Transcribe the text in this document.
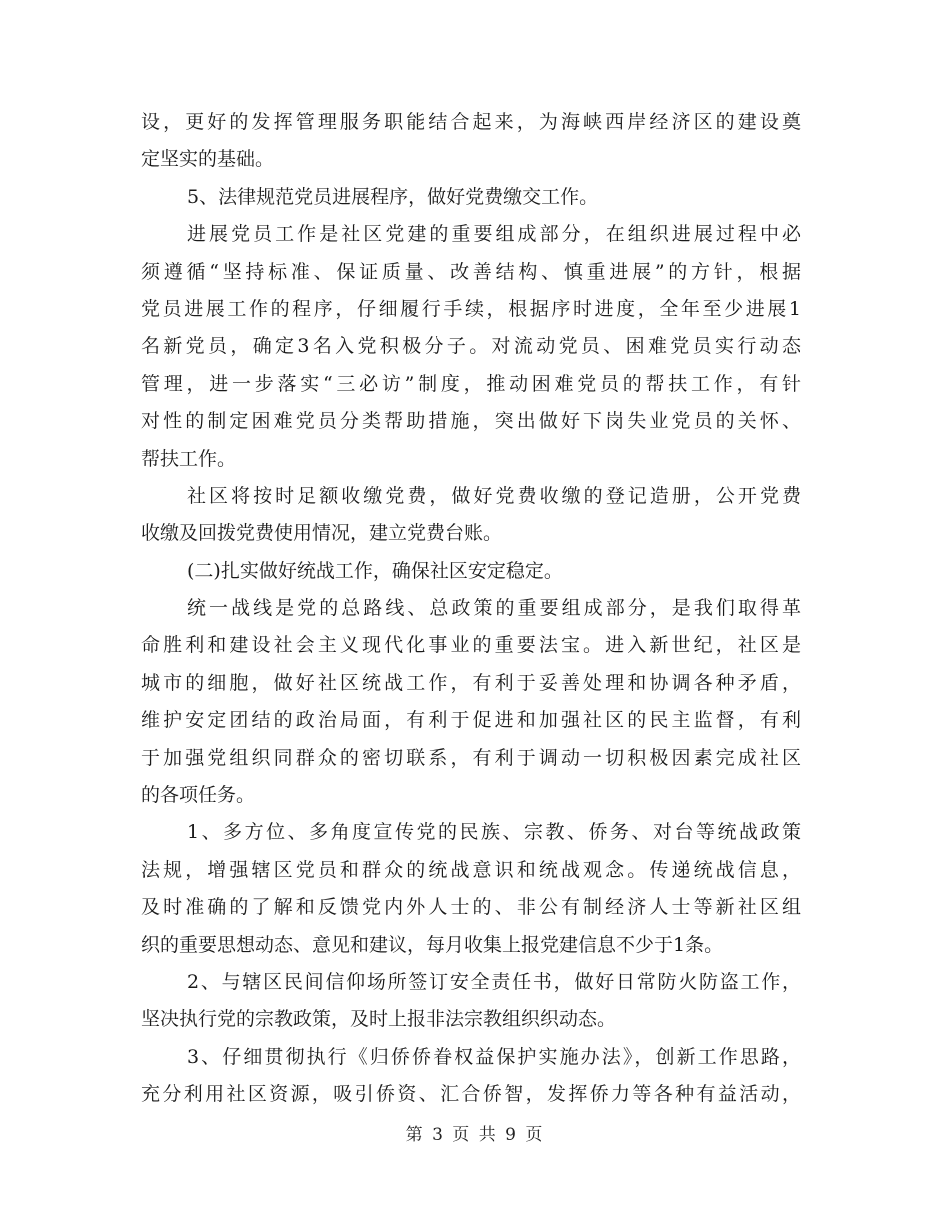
设，更好的发挥管理服务职能结合起来，为海峡西岸经济区的建设奠
定坚实的基础。
5、法律规范党员进展程序，做好党费缴交工作。
进展党员工作是社区党建的重要组成部分，在组织进展过程中必
须遵循“坚持标准、保证质量、改善结构、慎重进展”的方针，根据
党员进展工作的程序，仔细履行手续，根据序时进度，全年至少进展1
名新党员，确定3名入党积极分子。对流动党员、困难党员实行动态
管理，进一步落实“三必访”制度，推动困难党员的帮扶工作，有针
对性的制定困难党员分类帮助措施，突出做好下岗失业党员的关怀、
帮扶工作。
社区将按时足额收缴党费，做好党费收缴的登记造册，公开党费
收缴及回拨党费使用情况，建立党费台账。
(二)扎实做好统战工作，确保社区安定稳定。
统一战线是党的总路线、总政策的重要组成部分，是我们取得革
命胜利和建设社会主义现代化事业的重要法宝。进入新世纪，社区是
城市的细胞，做好社区统战工作，有利于妥善处理和协调各种矛盾，
维护安定团结的政治局面，有利于促进和加强社区的民主监督，有利
于加强党组织同群众的密切联系，有利于调动一切积极因素完成社区
的各项任务。
1、多方位、多角度宣传党的民族、宗教、侨务、对台等统战政策
法规，增强辖区党员和群众的统战意识和统战观念。传递统战信息，
及时准确的了解和反馈党内外人士的、非公有制经济人士等新社区组
织的重要思想动态、意见和建议，每月收集上报党建信息不少于1条。
2、与辖区民间信仰场所签订安全责任书，做好日常防火防盗工作，
坚决执行党的宗教政策，及时上报非法宗教组织织动态。
3、仔细贯彻执行《归侨侨眷权益保护实施办法》，创新工作思路，
充分利用社区资源，吸引侨资、汇合侨智，发挥侨力等各种有益活动，
第 3 页 共 9 页
